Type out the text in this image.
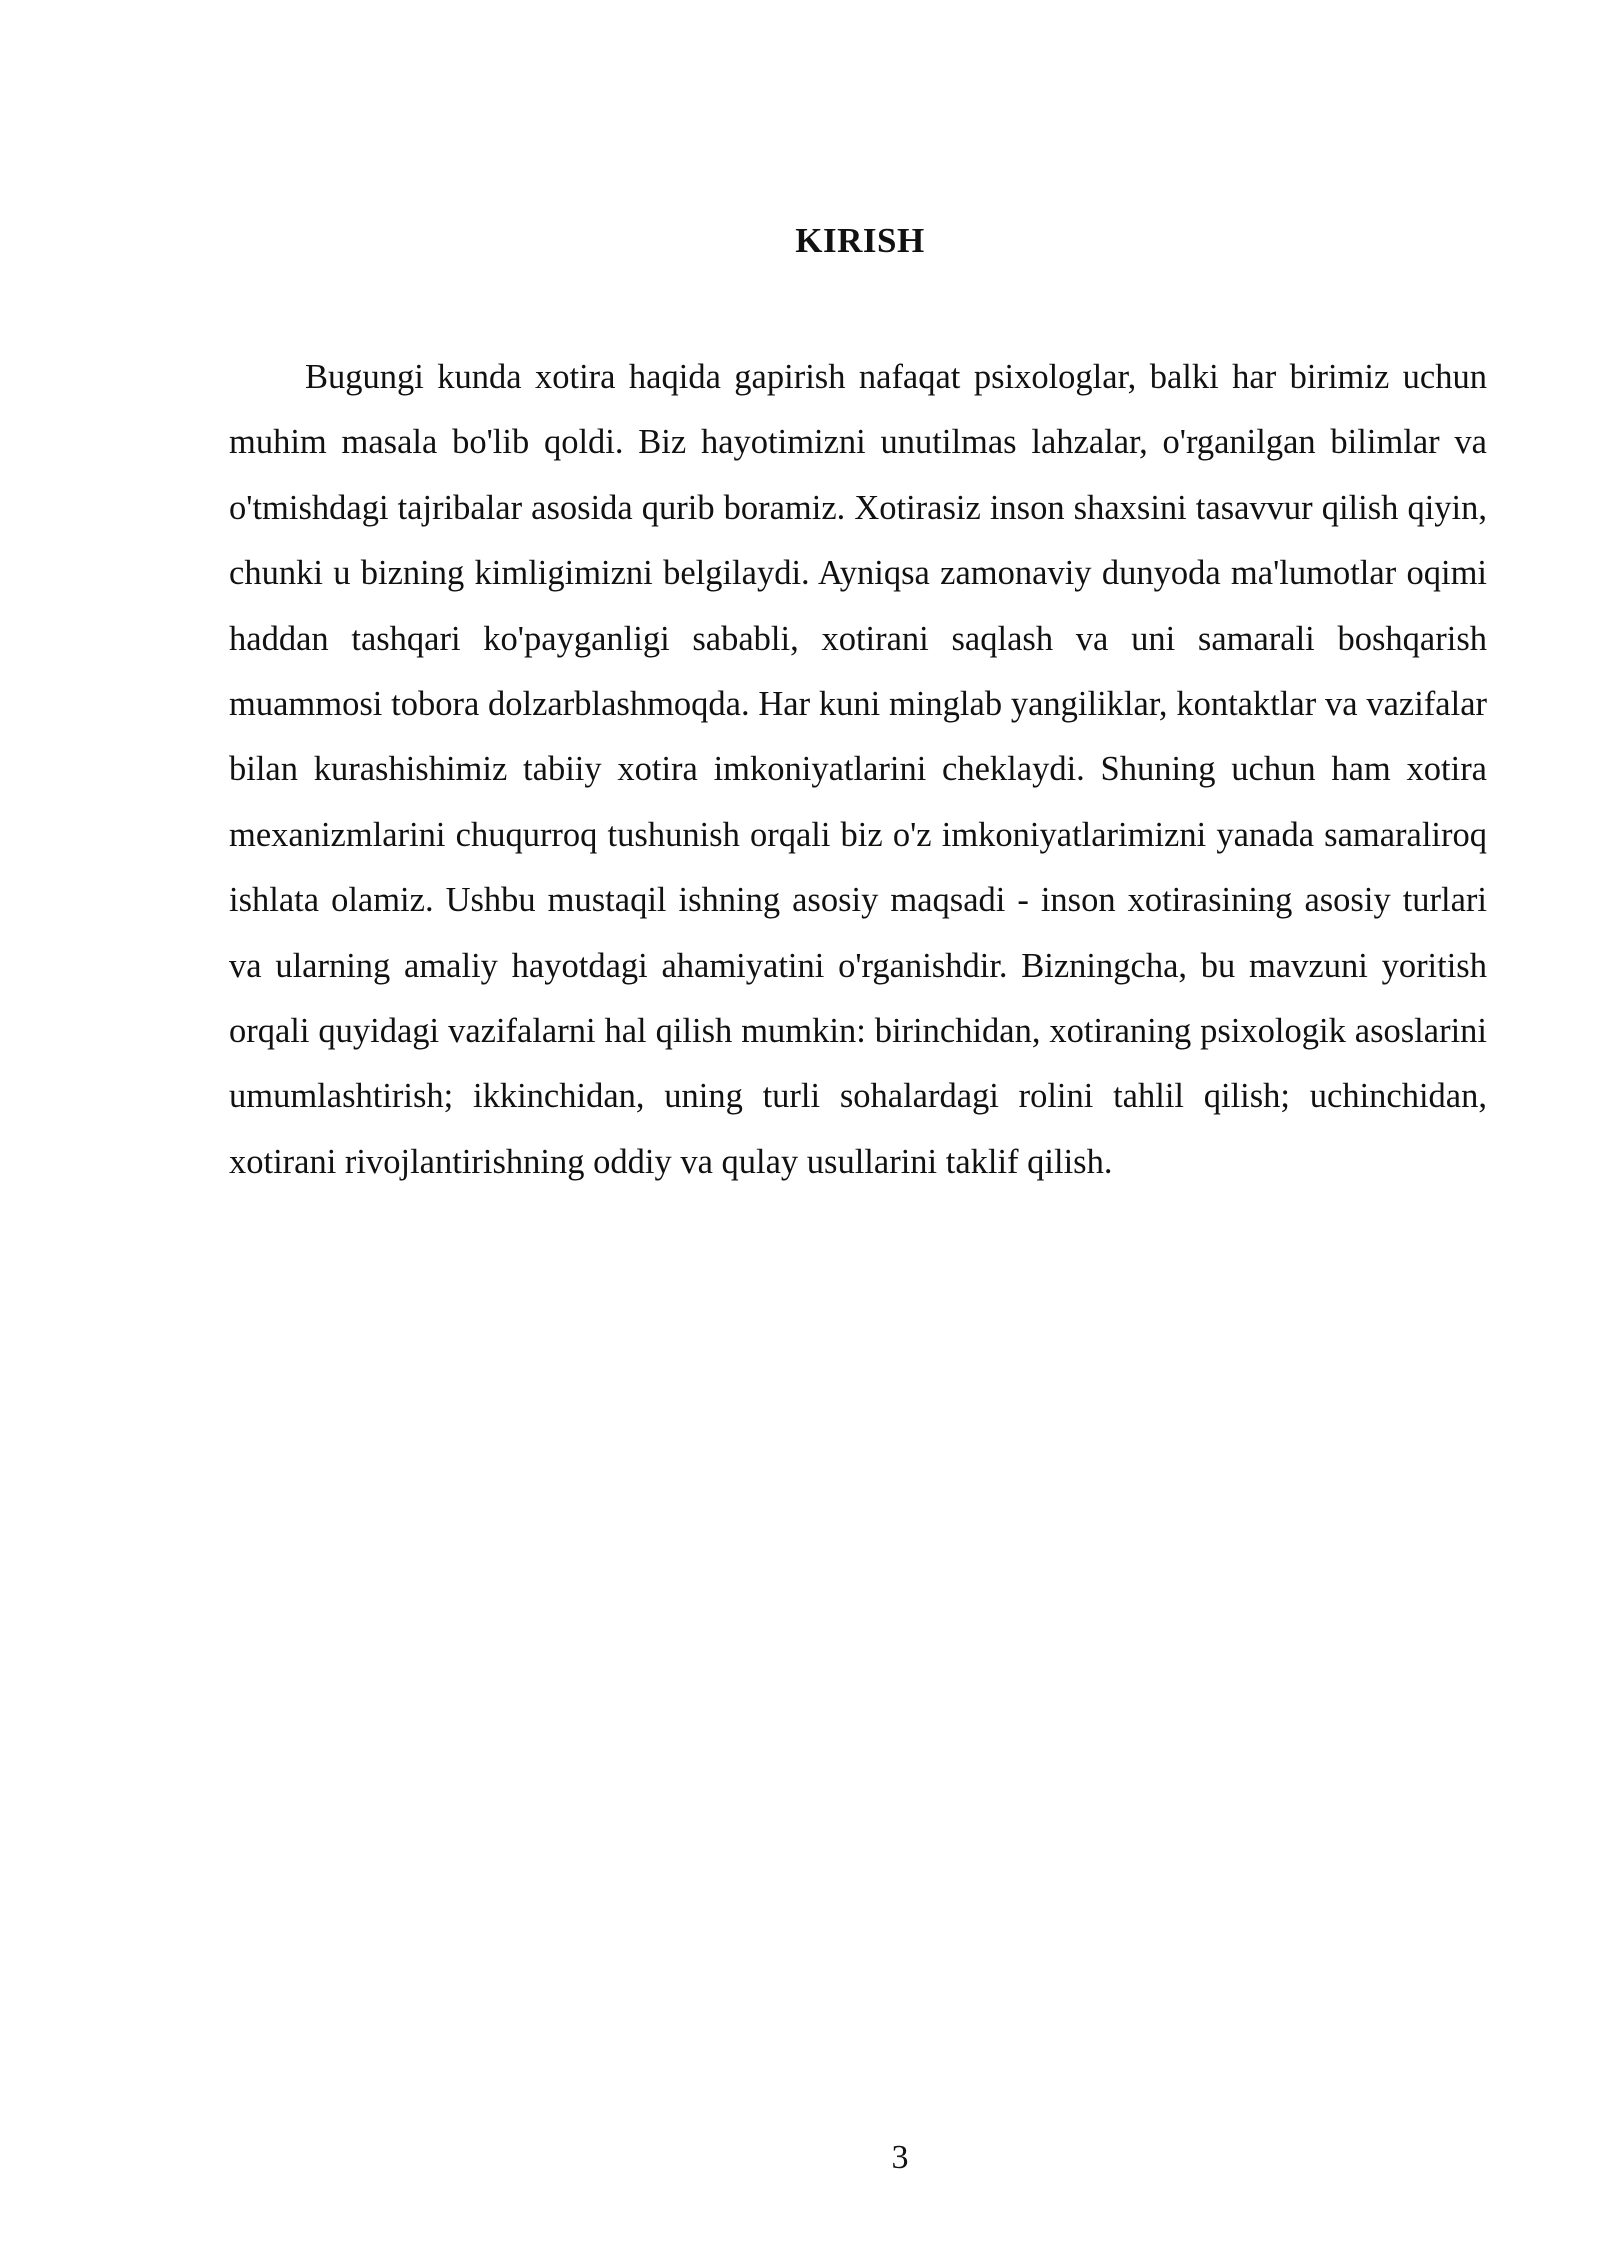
KIRISH

Bugungi kunda xotira haqida gapirish nafaqat psixologlar, balki har birimiz uchun muhim masala bo'lib qoldi. Biz hayotimizni unutilmas lahzalar, o'rganilgan bilimlar va o'tmishdagi tajribalar asosida qurib boramiz. Xotirasiz inson shaxsini tasavvur qilish qiyin, chunki u bizning kimligimizni belgilaydi. Ayniqsa zamonaviy dunyoda ma'lumotlar oqimi haddan tashqari ko'payganligi sababli, xotirani saqlash va uni samarali boshqarish muammosi tobora dolzarblashmoqda. Har kuni minglab yangiliklar, kontaktlar va vazifalar bilan kurashishimiz tabiiy xotira imkoniyatlarini cheklaydi. Shuning uchun ham xotira mexanizmlarini chuqurroq tushunish orqali biz o'z imkoniyatlarimizni yanada samaraliroq ishlata olamiz. Ushbu mustaqil ishning asosiy maqsadi - inson xotirasining asosiy turlari va ularning amaliy hayotdagi ahamiyatini o'rganishdir. Bizningcha, bu mavzuni yoritish orqali quyidagi vazifalarni hal qilish mumkin: birinchidan, xotiraning psixologik asoslarini umumlashtirish; ikkinchidan, uning turli sohalardagi rolini tahlil qilish; uchinchidan, xotirani rivojlantirishning oddiy va qulay usullarini taklif qilish.

3
